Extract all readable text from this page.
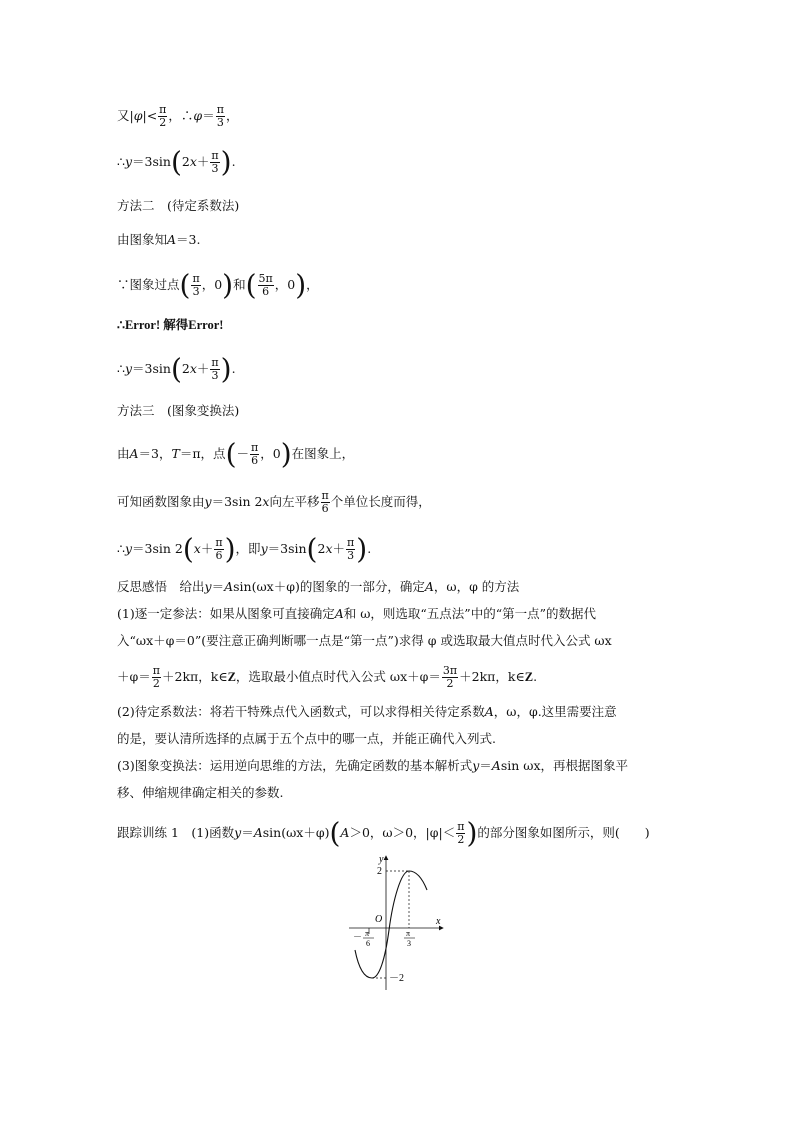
又$|\varphi|< \frac{\pi}{2}$ ，∴φ＝ $\frac{\pi}{3}$ ，
∴y＝3sin(2x＋ $\frac{\pi}{3}$ ).
方法二　(待定系数法)
由图象知A＝3.
∵图象过点( $\frac{\pi}{3}$ ，0)和( $\frac{5\pi}{6}$ ，0)，
∴Error! 解得Error!
∴y＝3sin(2x＋ $\frac{\pi}{3}$ ).
方法三　(图象变换法)
由A＝3，T＝π，点(－ $\frac{\pi}{6}$ ，0)在图象上，
可知函数图象由y＝3sin 2x向左平移 $\frac{\pi}{6}$ 个单位长度而得，
∴y＝3sin $2(x+ \frac{\pi}{6}$ )，即$y=3\sin(2x+ \frac{\pi}{3}$ ).
反思感悟　给出y＝Asin(ωx＋φ)的图象的一部分，确定A，ω，φ 的方法
(1)逐一定参法：如果从图象可直接确定A和 ω，则选取“五点法”中的“第一点”的数据代
入“ωx＋φ＝0”(要注意正确判断哪一点是“第一点”)求得 φ 或选取最大值点时代入公式 ωx
$+\varphi= \frac{\pi}{2} +2k\pi$，k∈Z，选取最小值点时代入公式 $\omega x+\varphi= \frac{3\pi}{2} +2k\pi$，k∈Z.
(2)待定系数法：将若干特殊点代入函数式，可以求得相关待定系数A，ω，φ.这里需要注意
的是，要认清所选择的点属于五个点中的哪一点，并能正确代入列式.
(3)图象变换法：运用逆向思维的方法，先确定函数的基本解析式y＝Asin ωx，再根据图象平
移、伸缩规律确定相关的参数.
跟踪训练 1　(1)函数y＝Asin(ωx＋φ)(A＞0，ω＞0，$|\varphi|< \frac{\pi}{2}$ )的部分图象如图所示，则(　　)
y
x
O
2
－2
－ π
6
π
3
